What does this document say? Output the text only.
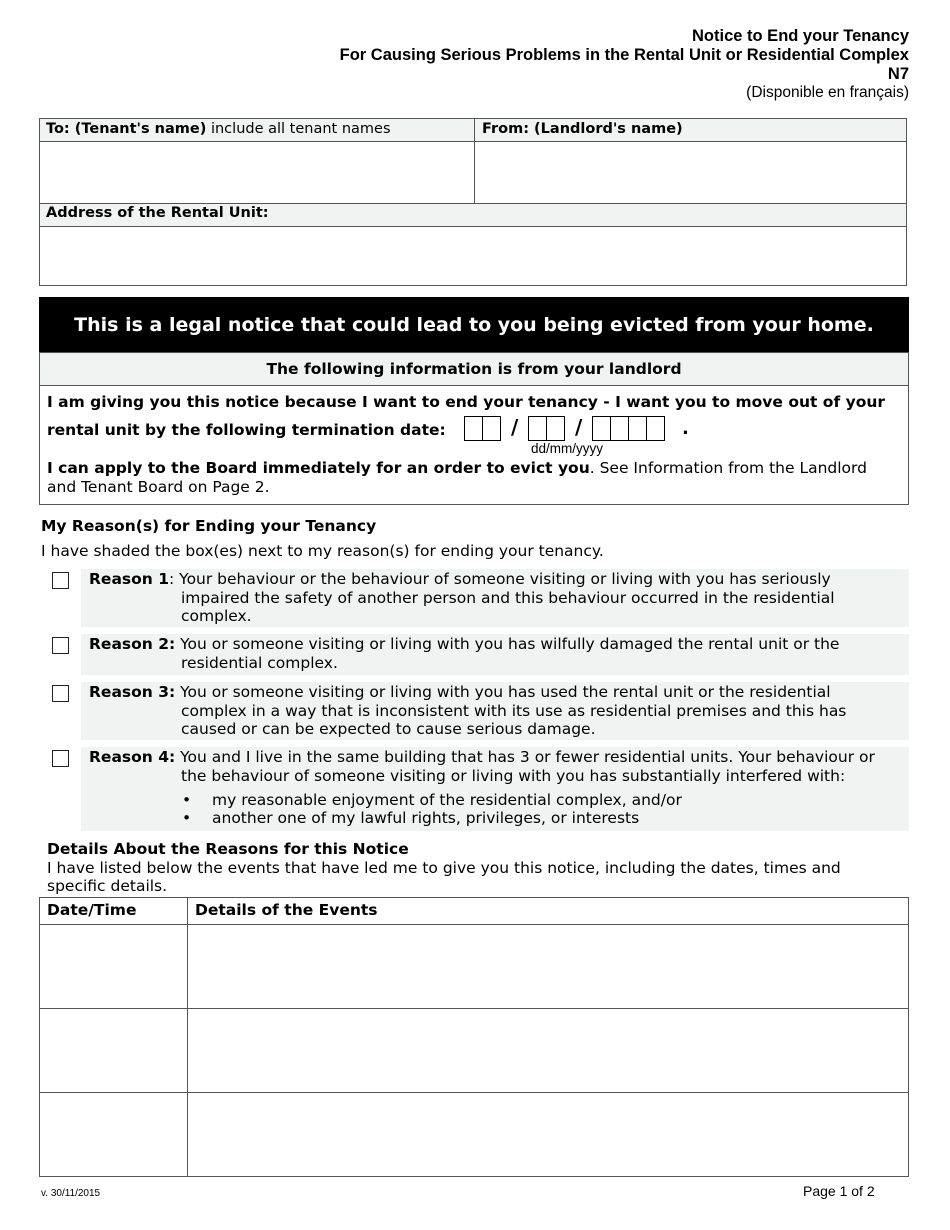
Notice to End your Tenancy
For Causing Serious Problems in the Rental Unit or Residential Complex
N7
(Disponible en français)
To: (Tenant's name) include all tenant names	From: (Landlord's name)
Address of the Rental Unit:
This is a legal notice that could lead to you being evicted from your home.
The following information is from your landlord
I am giving you this notice because I want to end your tenancy - I want you to move out of your
rental unit by the following termination date:	/	/	.
dd/mm/yyyy
I can apply to the Board immediately for an order to evict you. See Information from the Landlord and Tenant Board on Page 2.
My Reason(s) for Ending your Tenancy
I have shaded the box(es) next to my reason(s) for ending your tenancy.
Reason 1: Your behaviour or the behaviour of someone visiting or living with you has seriously impaired the safety of another person and this behaviour occurred in the residential complex.
Reason 2: You or someone visiting or living with you has wilfully damaged the rental unit or the residential complex.
Reason 3: You or someone visiting or living with you has used the rental unit or the residential complex in a way that is inconsistent with its use as residential premises and this has caused or can be expected to cause serious damage.
Reason 4: You and I live in the same building that has 3 or fewer residential units. Your behaviour or the behaviour of someone visiting or living with you has substantially interfered with:
• my reasonable enjoyment of the residential complex, and/or
• another one of my lawful rights, privileges, or interests
Details About the Reasons for this Notice
I have listed below the events that have led me to give you this notice, including the dates, times and specific details.
Date/Time	Details of the Events

v. 30/11/2015	Page 1 of 2
